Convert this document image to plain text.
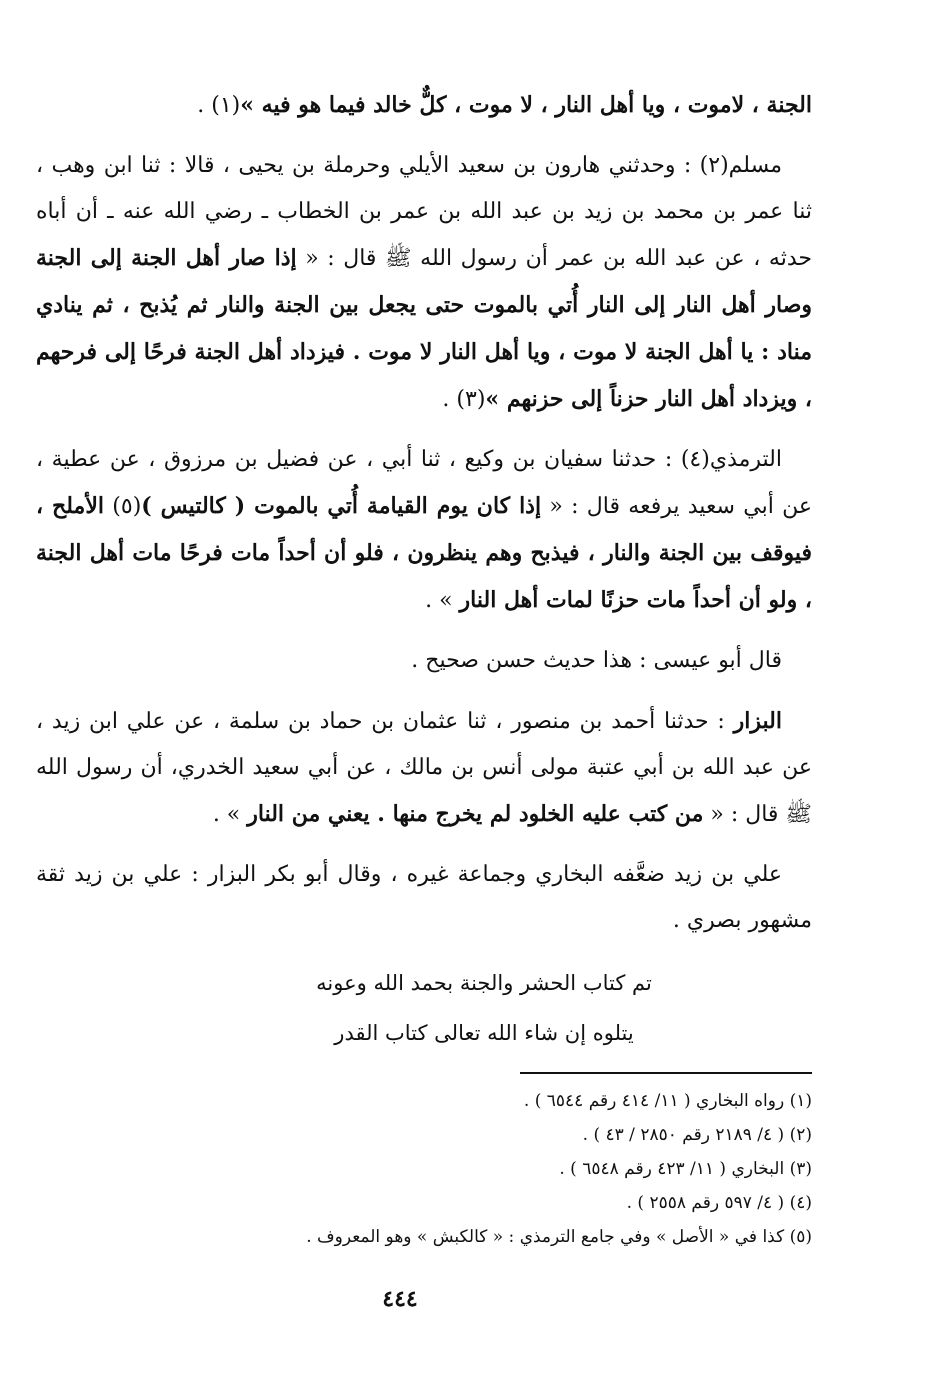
الجنة ، لاموت ، ويا أهل النار ، لا موت ، كلٌّ خالد فيما هو فيه »(١) .

مسلم(٢) : وحدثني هارون بن سعيد الأيلي وحرملة بن يحيى ، قالا : ثنا ابن وهب ، ثنا عمر بن محمد بن زيد بن عبد الله بن عمر بن الخطاب ـ رضي الله عنه ـ أن أباه حدثه ، عن عبد الله بن عمر أن رسول الله ﷺ قال : « إذا صار أهل الجنة إلى الجنة وصار أهل النار إلى النار أُتي بالموت حتى يجعل بين الجنة والنار ثم يُذبح ، ثم ينادي مناد : يا أهل الجنة لا موت ، ويا أهل النار لا موت . فيزداد أهل الجنة فرحًا إلى فرحهم ، ويزداد أهل النار حزناً إلى حزنهم »(٣) .

الترمذي(٤) : حدثنا سفيان بن وكيع ، ثنا أبي ، عن فضيل بن مرزوق ، عن عطية ، عن أبي سعيد يرفعه قال : « إذا كان يوم القيامة أُتي بالموت ( كالتيس )(٥) الأملح ، فيوقف بين الجنة والنار ، فيذبح وهم ينظرون ، فلو أن أحداً مات فرحًا مات أهل الجنة ، ولو أن أحداً مات حزنًا لمات أهل النار » .

قال أبو عيسى : هذا حديث حسن صحيح .

البزار : حدثنا أحمد بن منصور ، ثنا عثمان بن حماد بن سلمة ، عن علي ابن زيد ، عن عبد الله بن أبي عتبة مولى أنس بن مالك ، عن أبي سعيد الخدري، أن رسول الله ﷺ قال : « من كتب عليه الخلود لم يخرج منها . يعني من النار » .

علي بن زيد ضعَّفه البخاري وجماعة غيره ، وقال أبو بكر البزار : علي بن زيد ثقة مشهور بصري .

تم كتاب الحشر والجنة بحمد الله وعونه
يتلوه إن شاء الله تعالى كتاب القدر
(١) رواه البخاري ( ١١/ ٤١٤ رقم ٦٥٤٤ ) .
(٢) ( ٤/ ٢١٨٩ رقم ٢٨٥٠ / ٤٣ ) .
(٣) البخاري ( ١١/ ٤٢٣ رقم ٦٥٤٨ ) .
(٤) ( ٤/ ٥٩٧ رقم ٢٥٥٨ ) .
(٥) كذا في « الأصل » وفي جامع الترمذي : « كالكبش » وهو المعروف .
٤٤٤
